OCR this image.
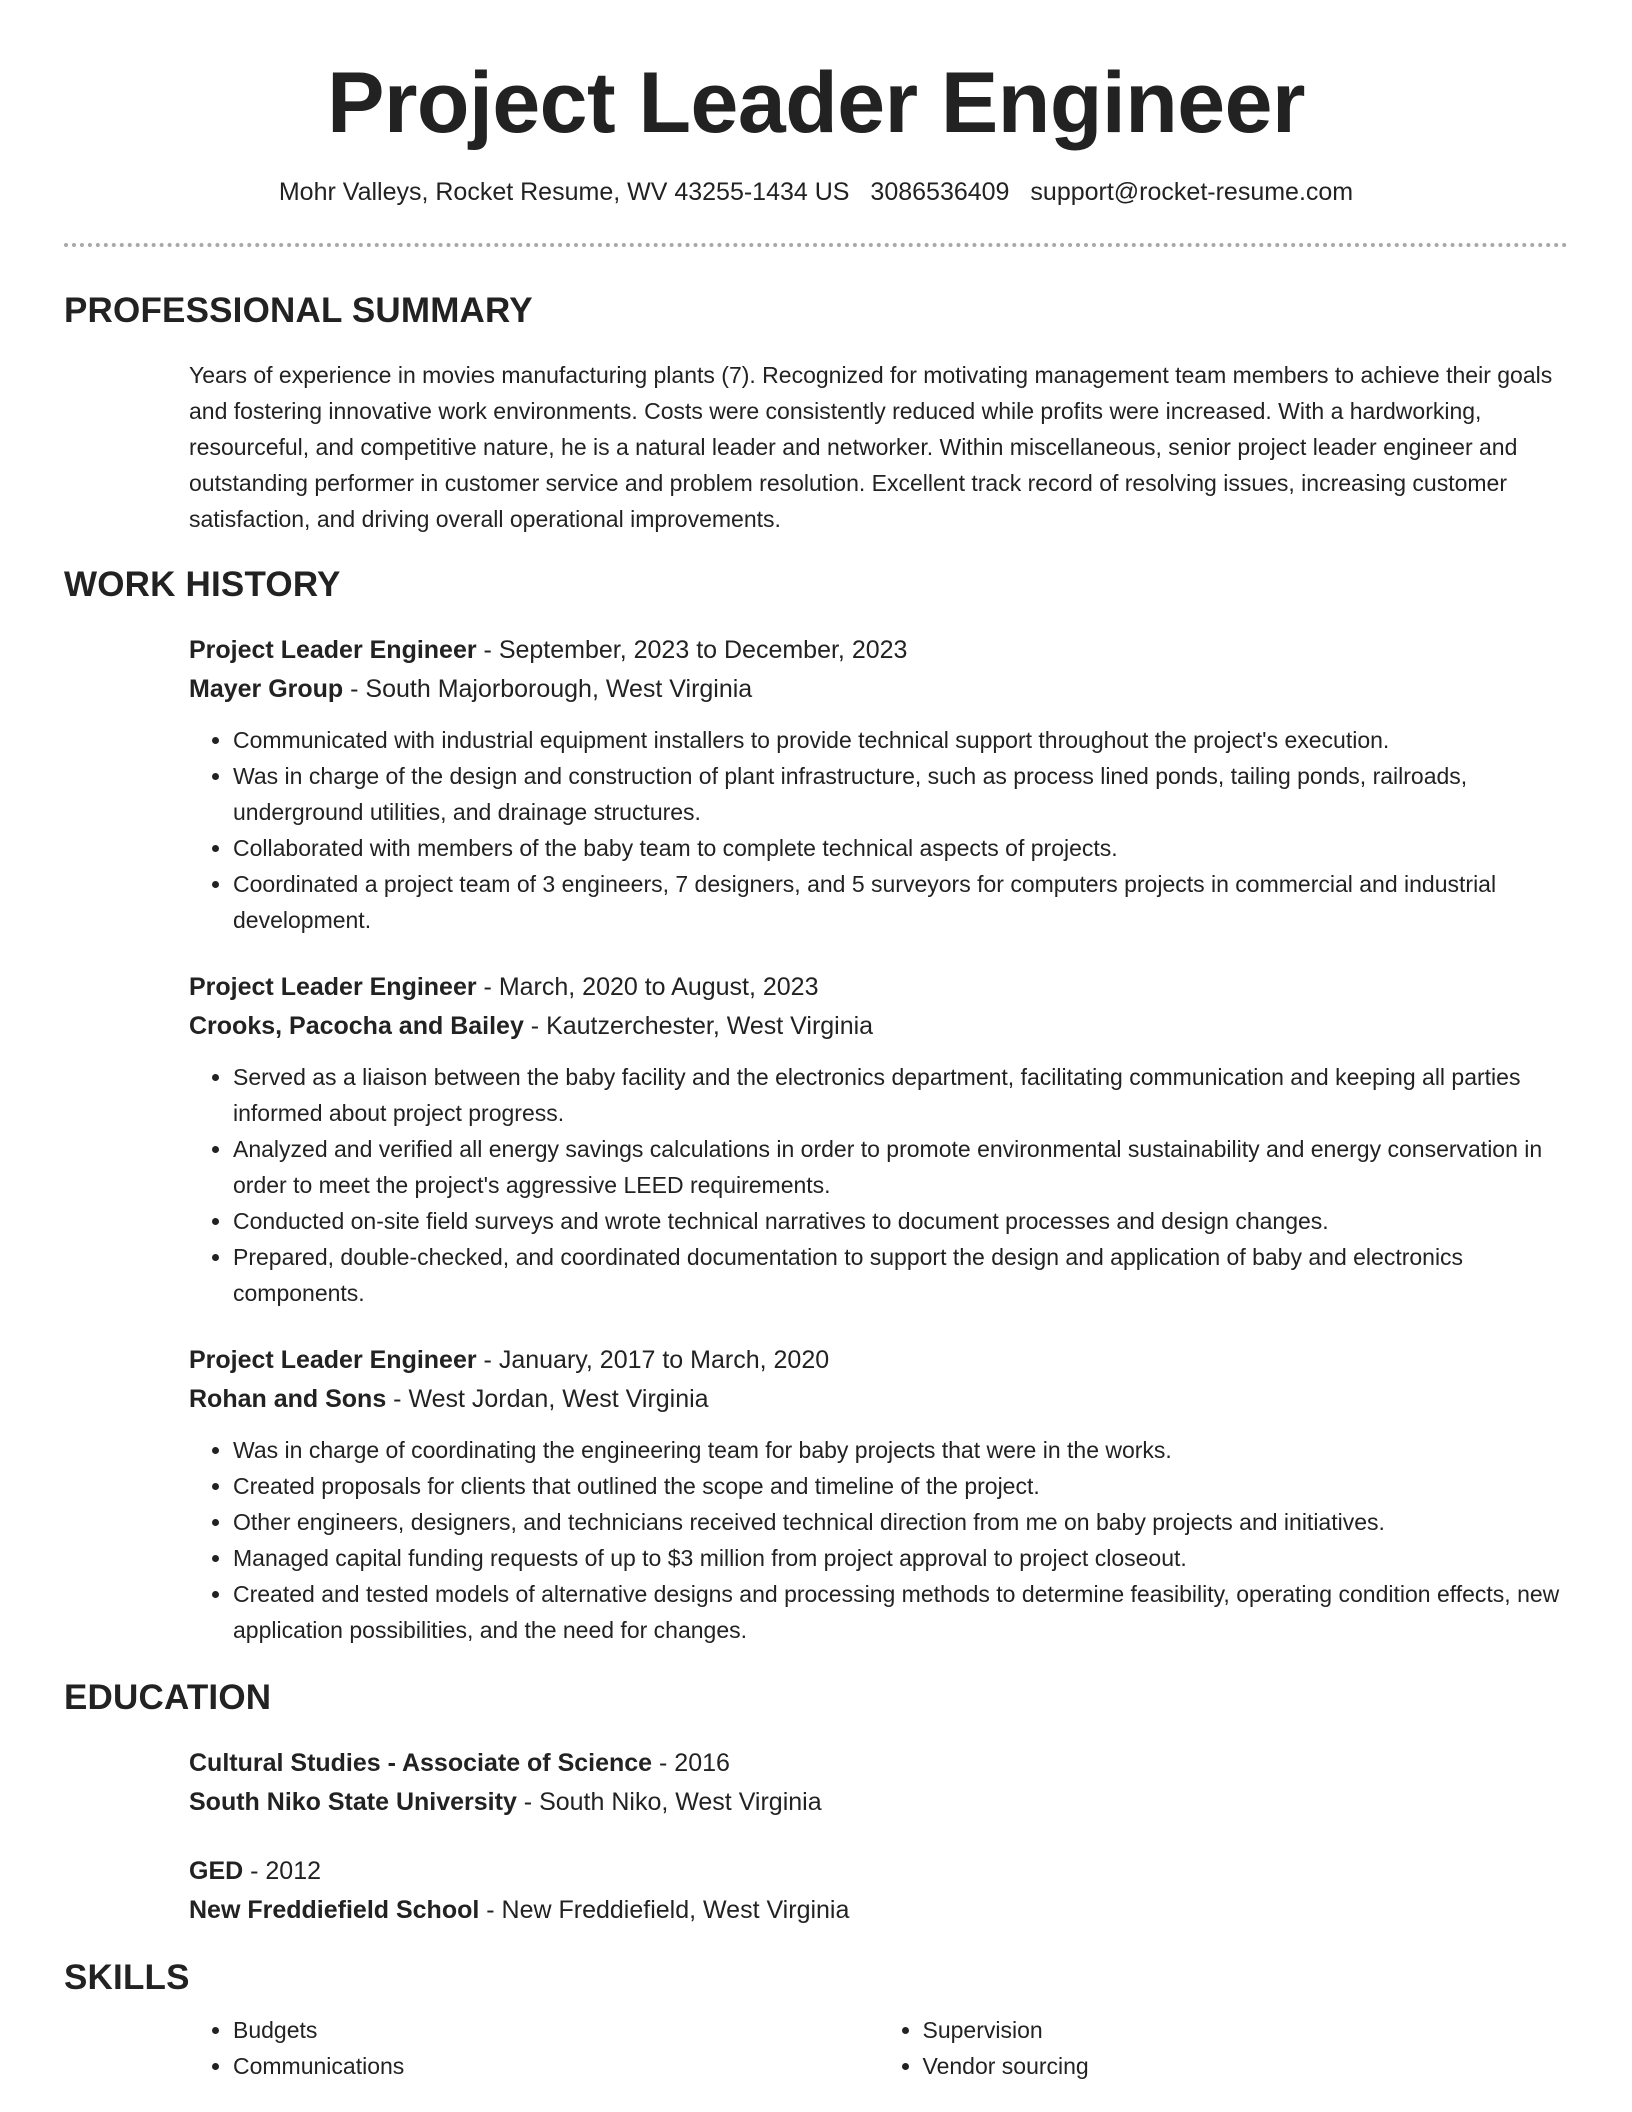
Project Leader Engineer
Mohr Valleys, Rocket Resume, WV 43255-1434 US 3086536409 support@rocket-resume.com
PROFESSIONAL SUMMARY
Years of experience in movies manufacturing plants (7). Recognized for motivating management team members to achieve their goals and fostering innovative work environments. Costs were consistently reduced while profits were increased. With a hardworking, resourceful, and competitive nature, he is a natural leader and networker. Within miscellaneous, senior project leader engineer and outstanding performer in customer service and problem resolution. Excellent track record of resolving issues, increasing customer satisfaction, and driving overall operational improvements.
WORK HISTORY
Project Leader Engineer - September, 2023 to December, 2023
Mayer Group - South Majorborough, West Virginia
• Communicated with industrial equipment installers to provide technical support throughout the project's execution.
• Was in charge of the design and construction of plant infrastructure, such as process lined ponds, tailing ponds, railroads, underground utilities, and drainage structures.
• Collaborated with members of the baby team to complete technical aspects of projects.
• Coordinated a project team of 3 engineers, 7 designers, and 5 surveyors for computers projects in commercial and industrial development.
Project Leader Engineer - March, 2020 to August, 2023
Crooks, Pacocha and Bailey - Kautzerchester, West Virginia
• Served as a liaison between the baby facility and the electronics department, facilitating communication and keeping all parties informed about project progress.
• Analyzed and verified all energy savings calculations in order to promote environmental sustainability and energy conservation in order to meet the project's aggressive LEED requirements.
• Conducted on-site field surveys and wrote technical narratives to document processes and design changes.
• Prepared, double-checked, and coordinated documentation to support the design and application of baby and electronics components.
Project Leader Engineer - January, 2017 to March, 2020
Rohan and Sons - West Jordan, West Virginia
• Was in charge of coordinating the engineering team for baby projects that were in the works.
• Created proposals for clients that outlined the scope and timeline of the project.
• Other engineers, designers, and technicians received technical direction from me on baby projects and initiatives.
• Managed capital funding requests of up to $3 million from project approval to project closeout.
• Created and tested models of alternative designs and processing methods to determine feasibility, operating condition effects, new application possibilities, and the need for changes.
EDUCATION
Cultural Studies - Associate of Science - 2016
South Niko State University - South Niko, West Virginia
GED - 2012
New Freddiefield School - New Freddiefield, West Virginia
SKILLS
• Budgets
• Communications
• Supervision
• Vendor sourcing
